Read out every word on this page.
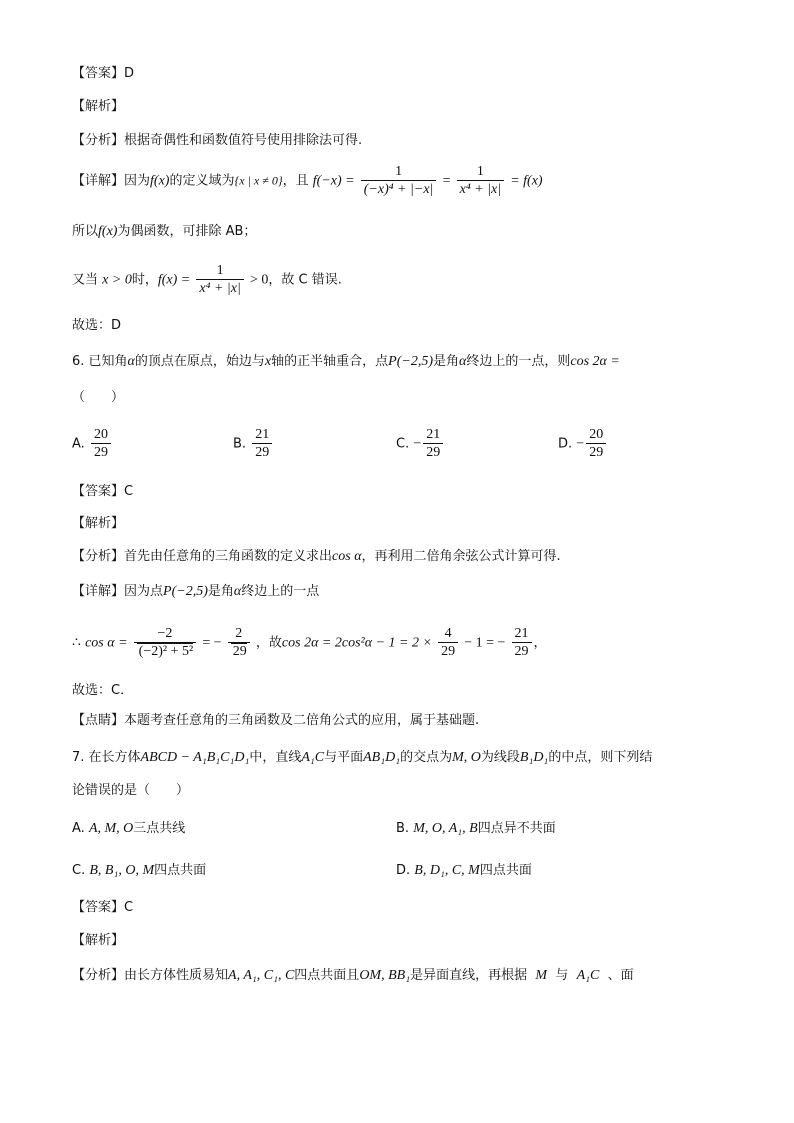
【答案】D
【解析】
【分析】根据奇偶性和函数值符号使用排除法可得.
【详解】因为f(x)的定义域为{x | x ≠ 0}，且 $f(-x) = \frac{1}{\text{(−x)⁴ + |−x|}} = \frac{1}{\text{x⁴ + |x|}} = f(x)$
所以f(x)为偶函数，可排除 AB；
又当 x > 0时，$f(x) = \frac{1}{\text{x⁴ + |x|}} > 0$，故 C 错误.
故选：D
6. 已知角α的顶点在原点，始边与x轴的正半轴重合，点P(−2,5)是角α终边上的一点，则cos 2α =
（　　）
A. $\frac{20}{29}$	B. $\frac{21}{29}$	C. − $\frac{21}{29}$	D. − $\frac{20}{29}$
【答案】C
【解析】
【分析】首先由任意角的三角函数的定义求出cos α，再利用二倍角余弦公式计算可得.
【详解】因为点P(−2,5)是角α终边上的一点
∴ $\cos \alpha = \frac{-2}{\text{(−2)² + 5²}}$ = − $\frac{2}{29}$ ，故$\cos 2\alpha = 2\cos^2\alpha - 1 = 2 \times \frac{4}{29} - 1$ = − $\frac{21}{29}$ ，
故选：C．
【点睛】本题考查任意角的三角函数及二倍角公式的应用，属于基础题.
7. 在长方体ABCD − A₁B₁C₁D₁中，直线A₁C与平面AB₁D₁的交点为M, O为线段B₁D₁的中点，则下列结
论错误的是（　　）
A. A, M, O三点共线	B. M, O, A₁, B四点异不共面
C. B, B₁, O, M四点共面	D. B, D₁, C, M四点共面
【答案】C
【解析】
【分析】由长方体性质易知A, A₁, C₁, C四点共面且OM, BB₁是异面直线，再根据 M 与 A₁C 、面
